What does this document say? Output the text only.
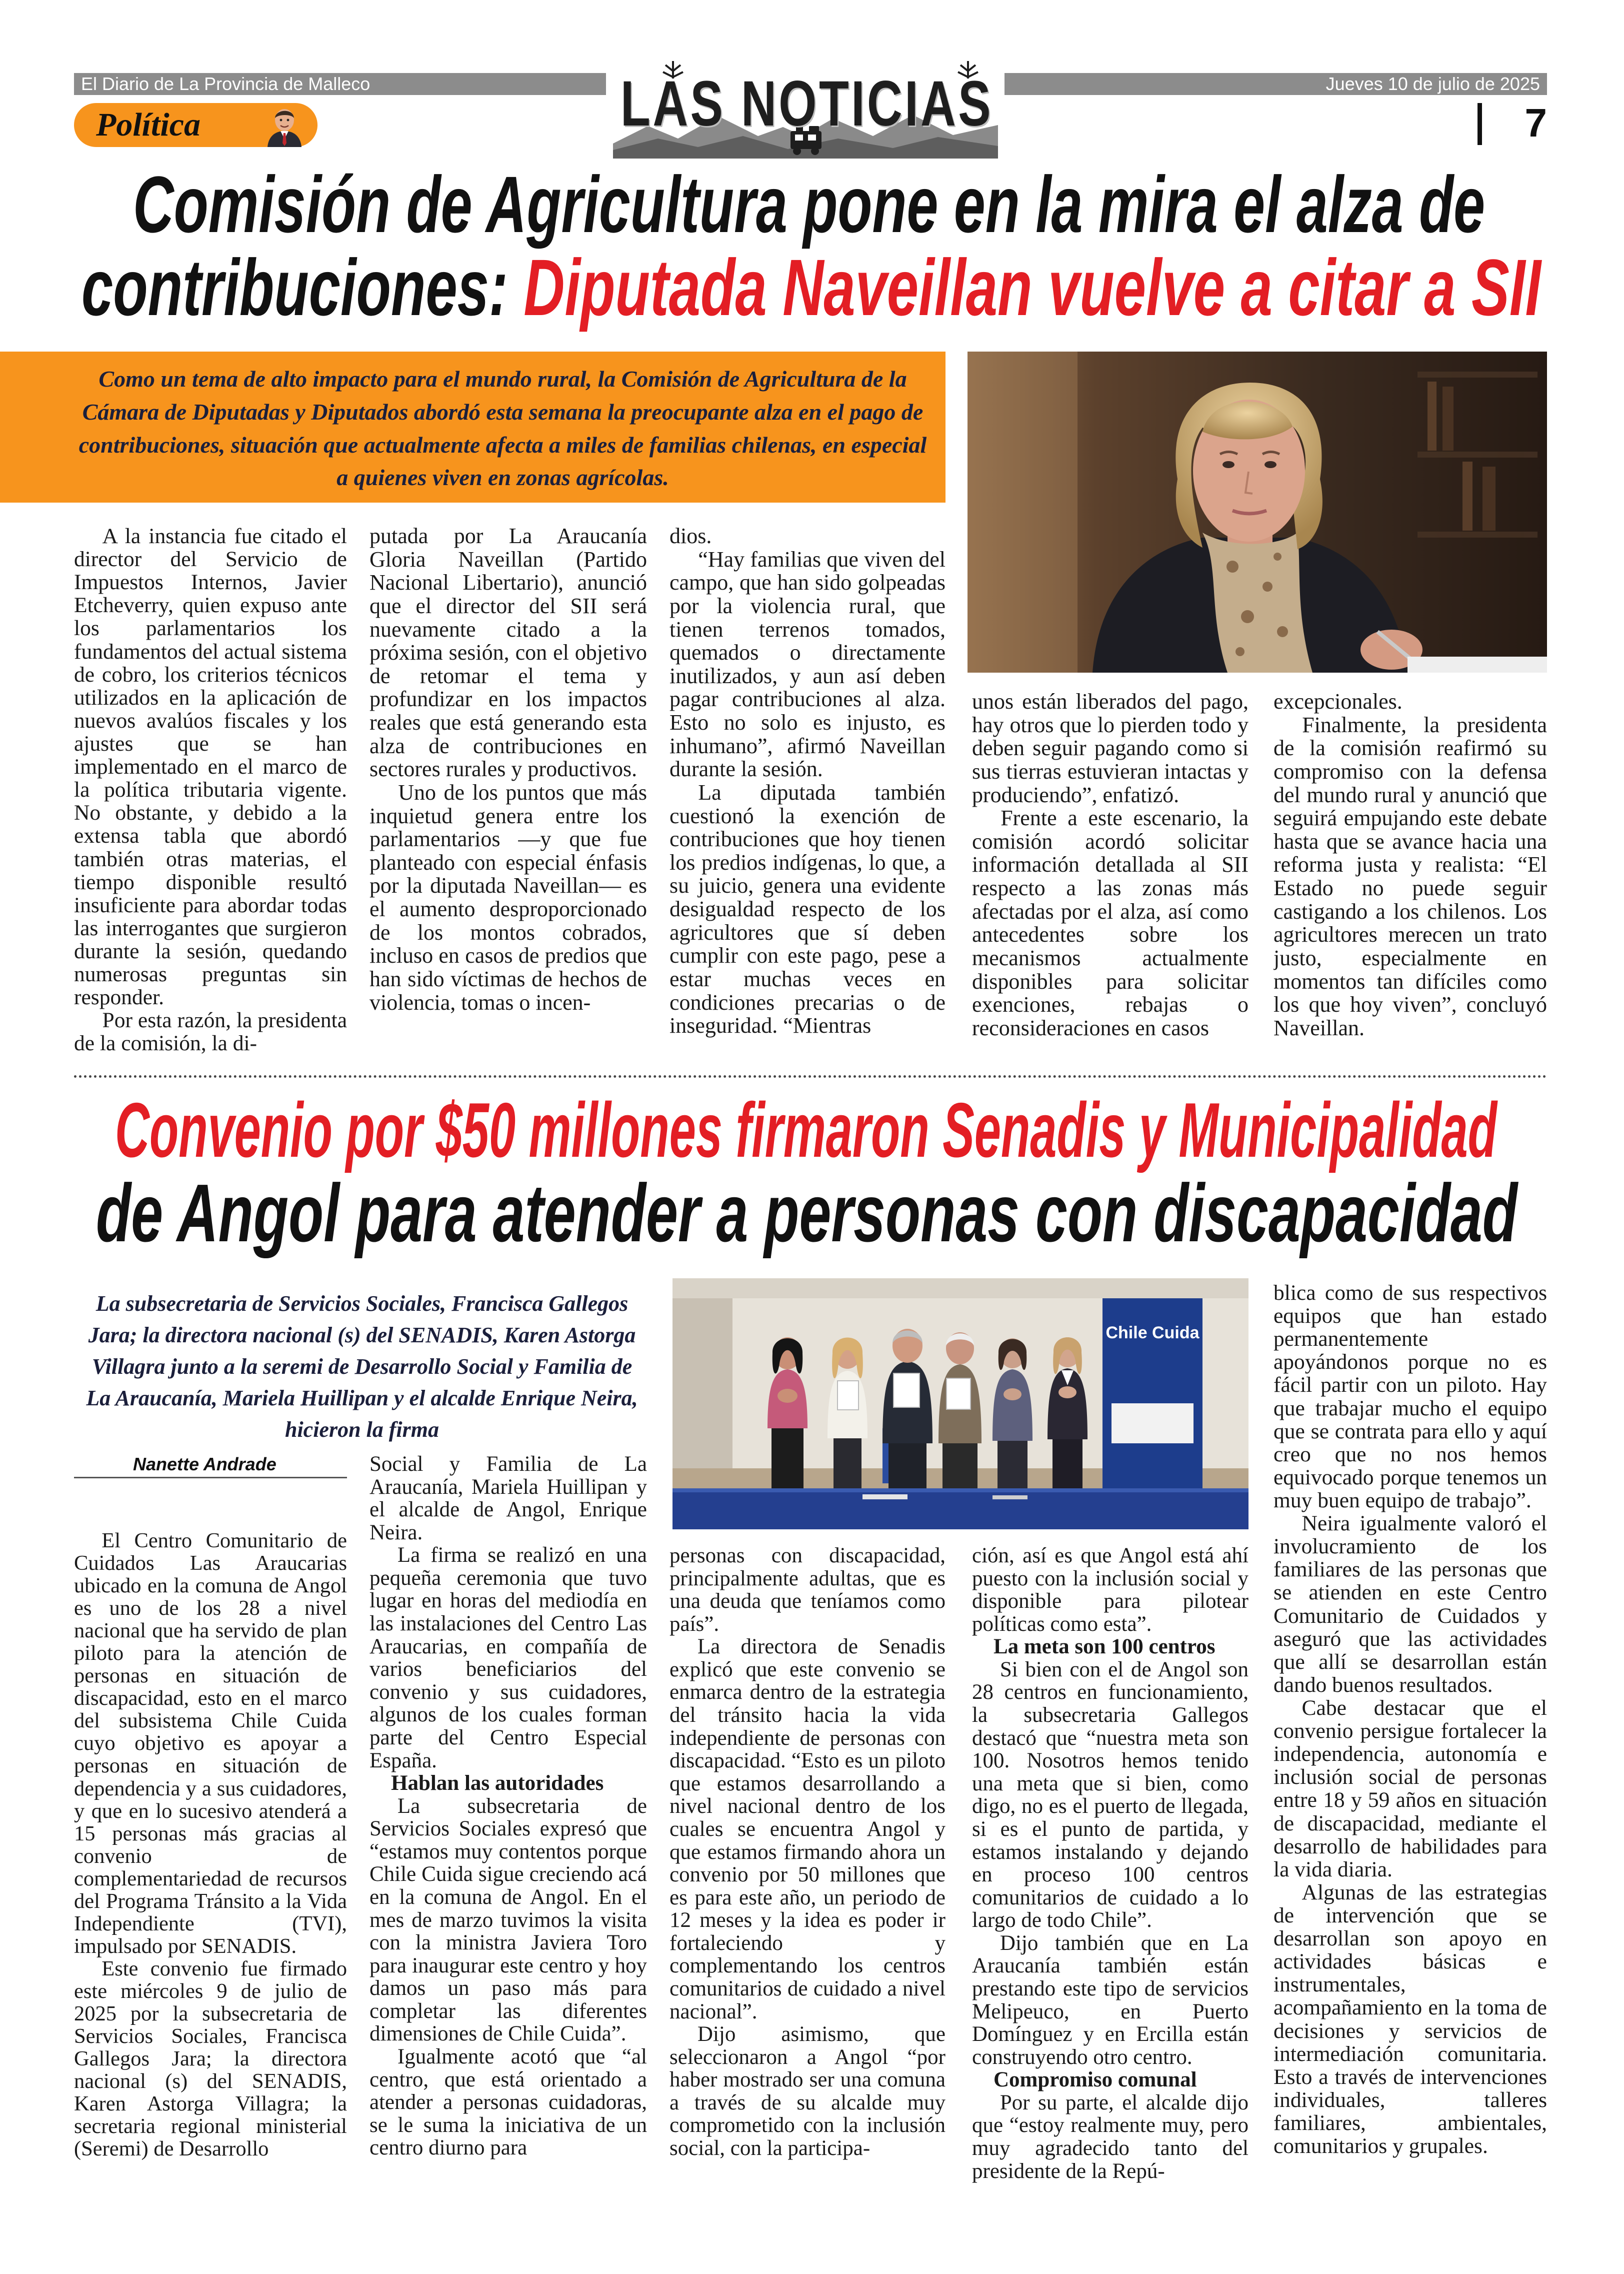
El Diario de La Provincia de Malleco	Jueves 10 de julio de 2025
Política	LAS NOTICIAS	7
Comisión de Agricultura pone en la mira el alza de
contribuciones: Diputada Naveillan vuelve a citar a SII
Como un tema de alto impacto para el mundo rural, la Comisión de Agricultura de la Cámara de Diputadas y Diputados abordó esta semana la preocupante alza en el pago de contribuciones, situación que actualmente afecta a miles de familias chilenas, en especial a quienes viven en zonas agrícolas.

A la instancia fue citado el director del Servicio de Impuestos Internos, Javier Etcheverry, quien expuso ante los parlamentarios los fundamentos del actual sistema de cobro, los criterios técnicos utilizados en la aplicación de nuevos avalúos fiscales y los ajustes que se han implementado en el marco de la política tributaria vigente. No obstante, y debido a la extensa tabla que abordó también otras materias, el tiempo disponible resultó insuficiente para abordar todas las interrogantes que surgieron durante la sesión, quedando numerosas preguntas sin responder.

Por esta razón, la presidenta de la comisión, la di-

putada por La Araucanía Gloria Naveillan (Partido Nacional Libertario), anunció que el director del SII será nuevamente citado a la próxima sesión, con el objetivo de retomar el tema y profundizar en los impactos reales que está generando esta alza de contribuciones en sectores rurales y productivos.

Uno de los puntos que más inquietud genera entre los parlamentarios —y que fue planteado con especial énfasis por la diputada Naveillan— es el aumento desproporcionado de los montos cobrados, incluso en casos de predios que han sido víctimas de hechos de violencia, tomas o incen-

dios.

“Hay familias que viven del campo, que han sido golpeadas por la violencia rural, que tienen terrenos tomados, quemados o directamente inutilizados, y aun así deben pagar contribuciones al alza. Esto no solo es injusto, es inhumano”, afirmó Naveillan durante la sesión.

La diputada también cuestionó la exención de contribuciones que hoy tienen los predios indígenas, lo que, a su juicio, genera una evidente desigualdad respecto de los agricultores que sí deben cumplir con este pago, pese a estar muchas veces en condiciones precarias o de inseguridad. “Mientras

unos están liberados del pago, hay otros que lo pierden todo y deben seguir pagando como si sus tierras estuvieran intactas y produciendo”, enfatizó.

Frente a este escenario, la comisión acordó solicitar información detallada al SII respecto a las zonas más afectadas por el alza, así como antecedentes sobre los mecanismos actualmente disponibles para solicitar exenciones, rebajas o reconsideraciones en casos

excepcionales.

Finalmente, la presidenta de la comisión reafirmó su compromiso con la defensa del mundo rural y anunció que seguirá empujando este debate hasta que se avance hacia una reforma justa y realista: “El Estado no puede seguir castigando a los chilenos. Los agricultores merecen un trato justo, especialmente en momentos tan difíciles como los que hoy viven”, concluyó Naveillan.

Convenio por $50 millones firmaron Senadis y Municipalidad
de Angol para atender a personas con discapacidad
La subsecretaria de Servicios Sociales, Francisca Gallegos Jara; la directora nacional (s) del SENADIS, Karen Astorga Villagra junto a la seremi de Desarrollo Social y Familia de La Araucanía, Mariela Huillipan y el alcalde Enrique Neira, hicieron la firma
Nanette Andrade
Chile Cuida

El Centro Comunitario de Cuidados Las Araucarias ubicado en la comuna de Angol es uno de los 28 a nivel nacional que ha servido de plan piloto para la atención de personas en situación de discapacidad, esto en el marco del subsistema Chile Cuida cuyo objetivo es apoyar a personas en situación de dependencia y a sus cuidadores, y que en lo sucesivo atenderá a 15 personas más gracias al convenio de complementariedad de recursos del Programa Tránsito a la Vida Independiente (TVI), impulsado por SENADIS.

Este convenio fue firmado este miércoles 9 de julio de 2025 por la subsecretaria de Servicios Sociales, Francisca Gallegos Jara; la directora nacional (s) del SENADIS, Karen Astorga Villagra; la secretaria regional ministerial (Seremi) de Desarrollo

Social y Familia de La Araucanía, Mariela Huillipan y el alcalde de Angol, Enrique Neira.

La firma se realizó en una pequeña ceremonia que tuvo lugar en horas del mediodía en las instalaciones del Centro Las Araucarias, en compañía de varios beneficiarios del convenio y sus cuidadores, algunos de los cuales forman parte del Centro Especial España.

Hablan las autoridades

La subsecretaria de Servicios Sociales expresó que “estamos muy contentos porque Chile Cuida sigue creciendo acá en la comuna de Angol. En el mes de marzo tuvimos la visita con la ministra Javiera Toro para inaugurar este centro y hoy damos un paso más para completar las diferentes dimensiones de Chile Cuida”.

Igualmente acotó que “al centro, que está orientado a atender a personas cuidadoras, se le suma la iniciativa de un centro diurno para

personas con discapacidad, principalmente adultas, que es una deuda que teníamos como país”.

La directora de Senadis explicó que este convenio se enmarca dentro de la estrategia del tránsito hacia la vida independiente de personas con discapacidad. “Esto es un piloto que estamos desarrollando a nivel nacional dentro de los cuales se encuentra Angol y que estamos firmando ahora un convenio por 50 millones que es para este año, un periodo de 12 meses y la idea es poder ir fortaleciendo y complementando los centros comunitarios de cuidado a nivel nacional”.

Dijo asimismo, que seleccionaron a Angol “por haber mostrado ser una comuna a través de su alcalde muy comprometido con la inclusión social, con la participa-

ción, así es que Angol está ahí puesto con la inclusión social y disponible para pilotear políticas como esta”.

La meta son 100 centros

Si bien con el de Angol son 28 centros en funcionamiento, la subsecretaria Gallegos destacó que “nuestra meta son 100. Nosotros hemos tenido una meta que si bien, como digo, no es el puerto de llegada, si es el punto de partida, y estamos instalando y dejando en proceso 100 centros comunitarios de cuidado a lo largo de todo Chile”.

Dijo también que en La Araucanía también están prestando este tipo de servicios Melipeuco, en Puerto Domínguez y en Ercilla están construyendo otro centro.

Compromiso comunal

Por su parte, el alcalde dijo que “estoy realmente muy, pero muy agradecido tanto del presidente de la Repú-

blica como de sus respectivos equipos que han estado permanentemente apoyándonos porque no es fácil partir con un piloto. Hay que trabajar mucho el equipo que se contrata para ello y aquí creo que no nos hemos equivocado porque tenemos un muy buen equipo de trabajo”.

Neira igualmente valoró el involucramiento de los familiares de las personas que se atienden en este Centro Comunitario de Cuidados y aseguró que las actividades que allí se desarrollan están dando buenos resultados.

Cabe destacar que el convenio persigue fortalecer la independencia, autonomía e inclusión social de personas entre 18 y 59 años en situación de discapacidad, mediante el desarrollo de habilidades para la vida diaria.

Algunas de las estrategias de intervención que se desarrollan son apoyo en actividades básicas e instrumentales, acompañamiento en la toma de decisiones y servicios de intermediación comunitaria. Esto a través de intervenciones individuales, talleres familiares, ambientales, comunitarios y grupales.
